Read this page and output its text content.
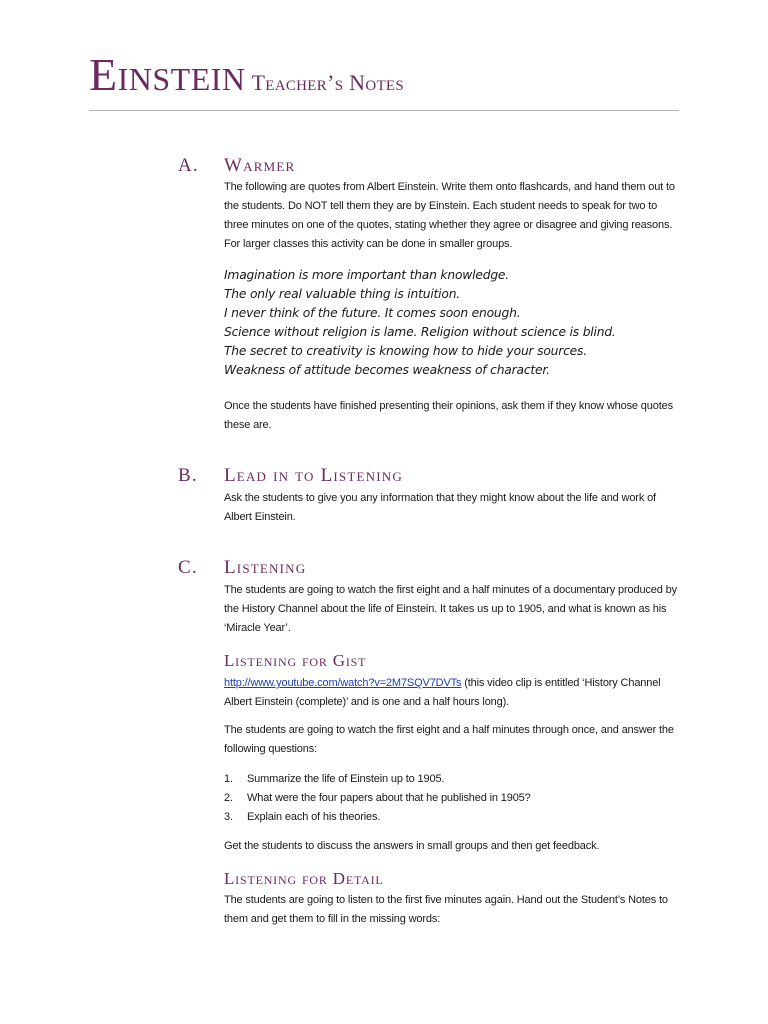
Einstein Teacher’s Notes
A. Warmer

The following are quotes from Albert Einstein. Write them onto flashcards, and hand them out to the students. Do NOT tell them they are by Einstein. Each student needs to speak for two to three minutes on one of the quotes, stating whether they agree or disagree and giving reasons. For larger classes this activity can be done in smaller groups.

Imagination is more important than knowledge.
The only real valuable thing is intuition.
I never think of the future. It comes soon enough.
Science without religion is lame. Religion without science is blind.
The secret to creativity is knowing how to hide your sources.
Weakness of attitude becomes weakness of character.

Once the students have finished presenting their opinions, ask them if they know whose quotes these are.

B. Lead in to Listening

Ask the students to give you any information that they might know about the life and work of Albert Einstein.

C. Listening

The students are going to watch the first eight and a half minutes of a documentary produced by the History Channel about the life of Einstein. It takes us up to 1905, and what is known as his ‘Miracle Year’.

Listening for Gist

http://www.youtube.com/watch?v=2M7SQV7DVTs (this video clip is entitled ‘History Channel Albert Einstein (complete)’ and is one and a half hours long).

The students are going to watch the first eight and a half minutes through once, and answer the following questions:

1. Summarize the life of Einstein up to 1905.
2. What were the four papers about that he published in 1905?
3. Explain each of his theories.

Get the students to discuss the answers in small groups and then get feedback.

Listening for Detail

The students are going to listen to the first five minutes again. Hand out the Student’s Notes to them and get them to fill in the missing words:
